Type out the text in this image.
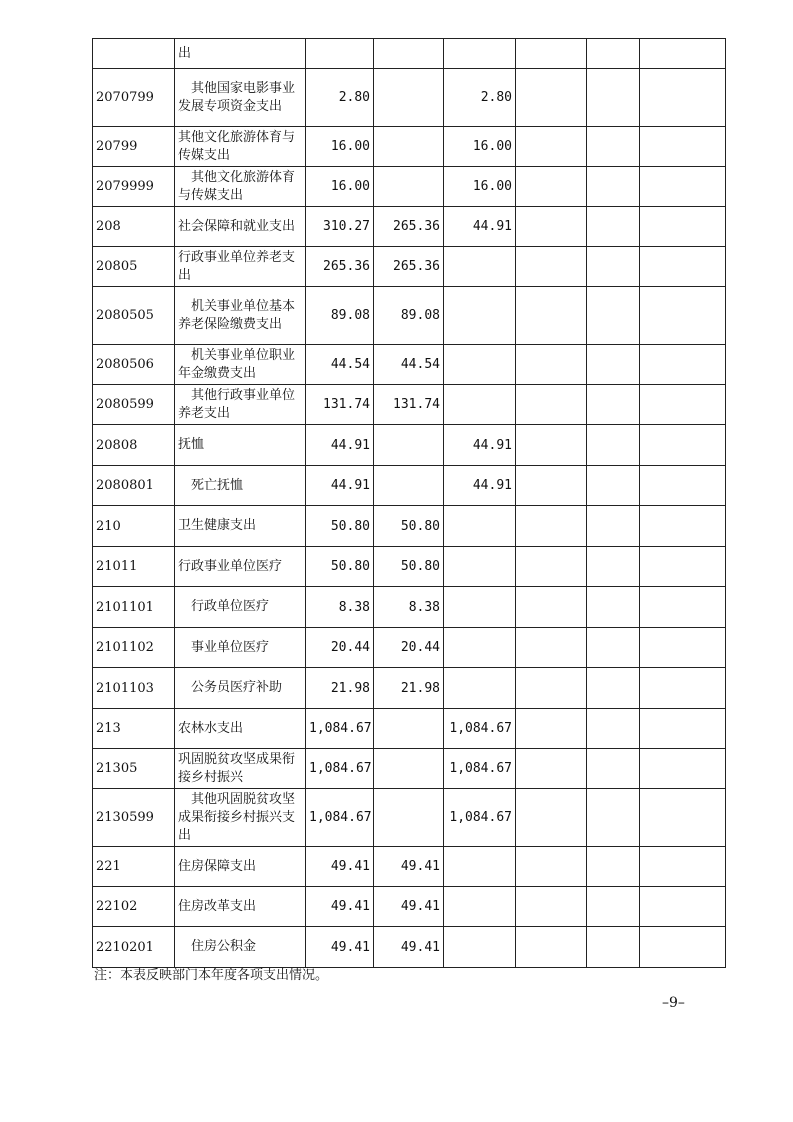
	出						
2070799	其他国家电影事业发展专项资金支出	2.80		2.80			
20799	其他文化旅游体育与传媒支出	16.00		16.00			
2079999	其他文化旅游体育与传媒支出	16.00		16.00			
208	社会保障和就业支出	310.27	265.36	44.91			
20805	行政事业单位养老支出	265.36	265.36				
2080505	机关事业单位基本养老保险缴费支出	89.08	89.08				
2080506	机关事业单位职业年金缴费支出	44.54	44.54				
2080599	其他行政事业单位养老支出	131.74	131.74				
20808	抚恤	44.91		44.91			
2080801	死亡抚恤	44.91		44.91			
210	卫生健康支出	50.80	50.80				
21011	行政事业单位医疗	50.80	50.80				
2101101	行政单位医疗	8.38	8.38				
2101102	事业单位医疗	20.44	20.44				
2101103	公务员医疗补助	21.98	21.98				
213	农林水支出	1,084.67		1,084.67			
21305	巩固脱贫攻坚成果衔接乡村振兴	1,084.67		1,084.67			
2130599	其他巩固脱贫攻坚成果衔接乡村振兴支出	1,084.67		1,084.67			
221	住房保障支出	49.41	49.41				
22102	住房改革支出	49.41	49.41				
2210201	住房公积金	49.41	49.41				
注：本表反映部门本年度各项支出情况。
–9–
